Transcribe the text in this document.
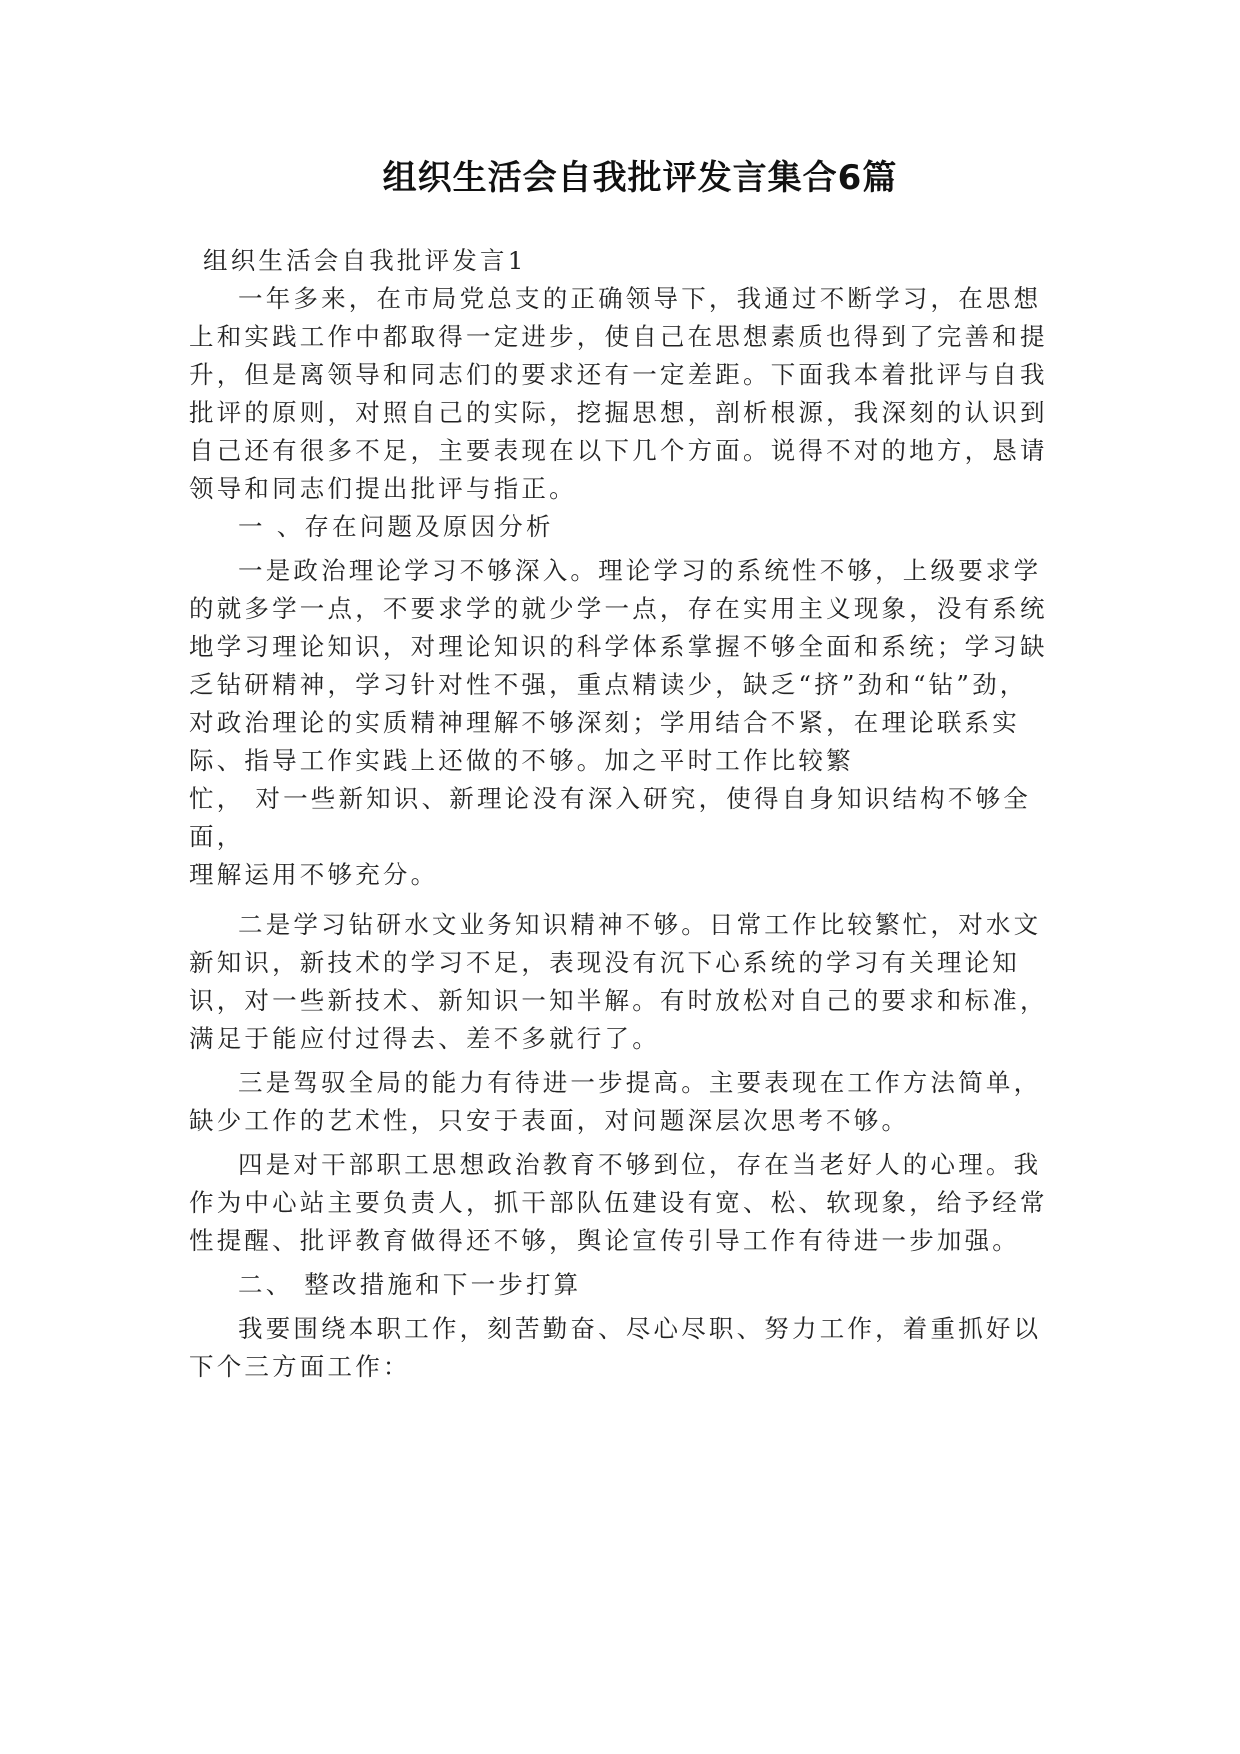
组织生活会自我批评发言集合6篇

组织生活会自我批评发言1

一年多来，在市局党总支的正确领导下，我通过不断学习，在思想上和实践工作中都取得一定进步，使自己在思想素质也得到了完善和提升，但是离领导和同志们的要求还有一定差距。下面我本着批评与自我批评的原则，对照自己的实际，挖掘思想，剖析根源，我深刻的认识到自己还有很多不足，主要表现在以下几个方面。说得不对的地方，恳请领导和同志们提出批评与指正。

一 、存在问题及原因分析

一是政治理论学习不够深入。理论学习的系统性不够，上级要求学的就多学一点，不要求学的就少学一点，存在实用主义现象，没有系统地学习理论知识，对理论知识的科学体系掌握不够全面和系统；学习缺乏钻研精神，学习针对性不强，重点精读少，缺乏“挤”劲和“钻”劲，对政治理论的实质精神理解不够深刻；学用结合不紧，在理论联系实际、指导工作实践上还做的不够。加之平时工作比较繁

忙， 对一些新知识、新理论没有深入研究，使得自身知识结构不够全面，

理解运用不够充分。

二是学习钻研水文业务知识精神不够。日常工作比较繁忙，对水文新知识，新技术的学习不足，表现没有沉下心系统的学习有关理论知识，对一些新技术、新知识一知半解。有时放松对自己的要求和标准，满足于能应付过得去、差不多就行了。

三是驾驭全局的能力有待进一步提高。主要表现在工作方法简单，缺少工作的艺术性，只安于表面，对问题深层次思考不够。

四是对干部职工思想政治教育不够到位，存在当老好人的心理。我作为中心站主要负责人，抓干部队伍建设有宽、松、软现象，给予经常性提醒、批评教育做得还不够，舆论宣传引导工作有待进一步加强。

二、 整改措施和下一步打算

我要围绕本职工作，刻苦勤奋、尽心尽职、努力工作，着重抓好以下个三方面工作：
